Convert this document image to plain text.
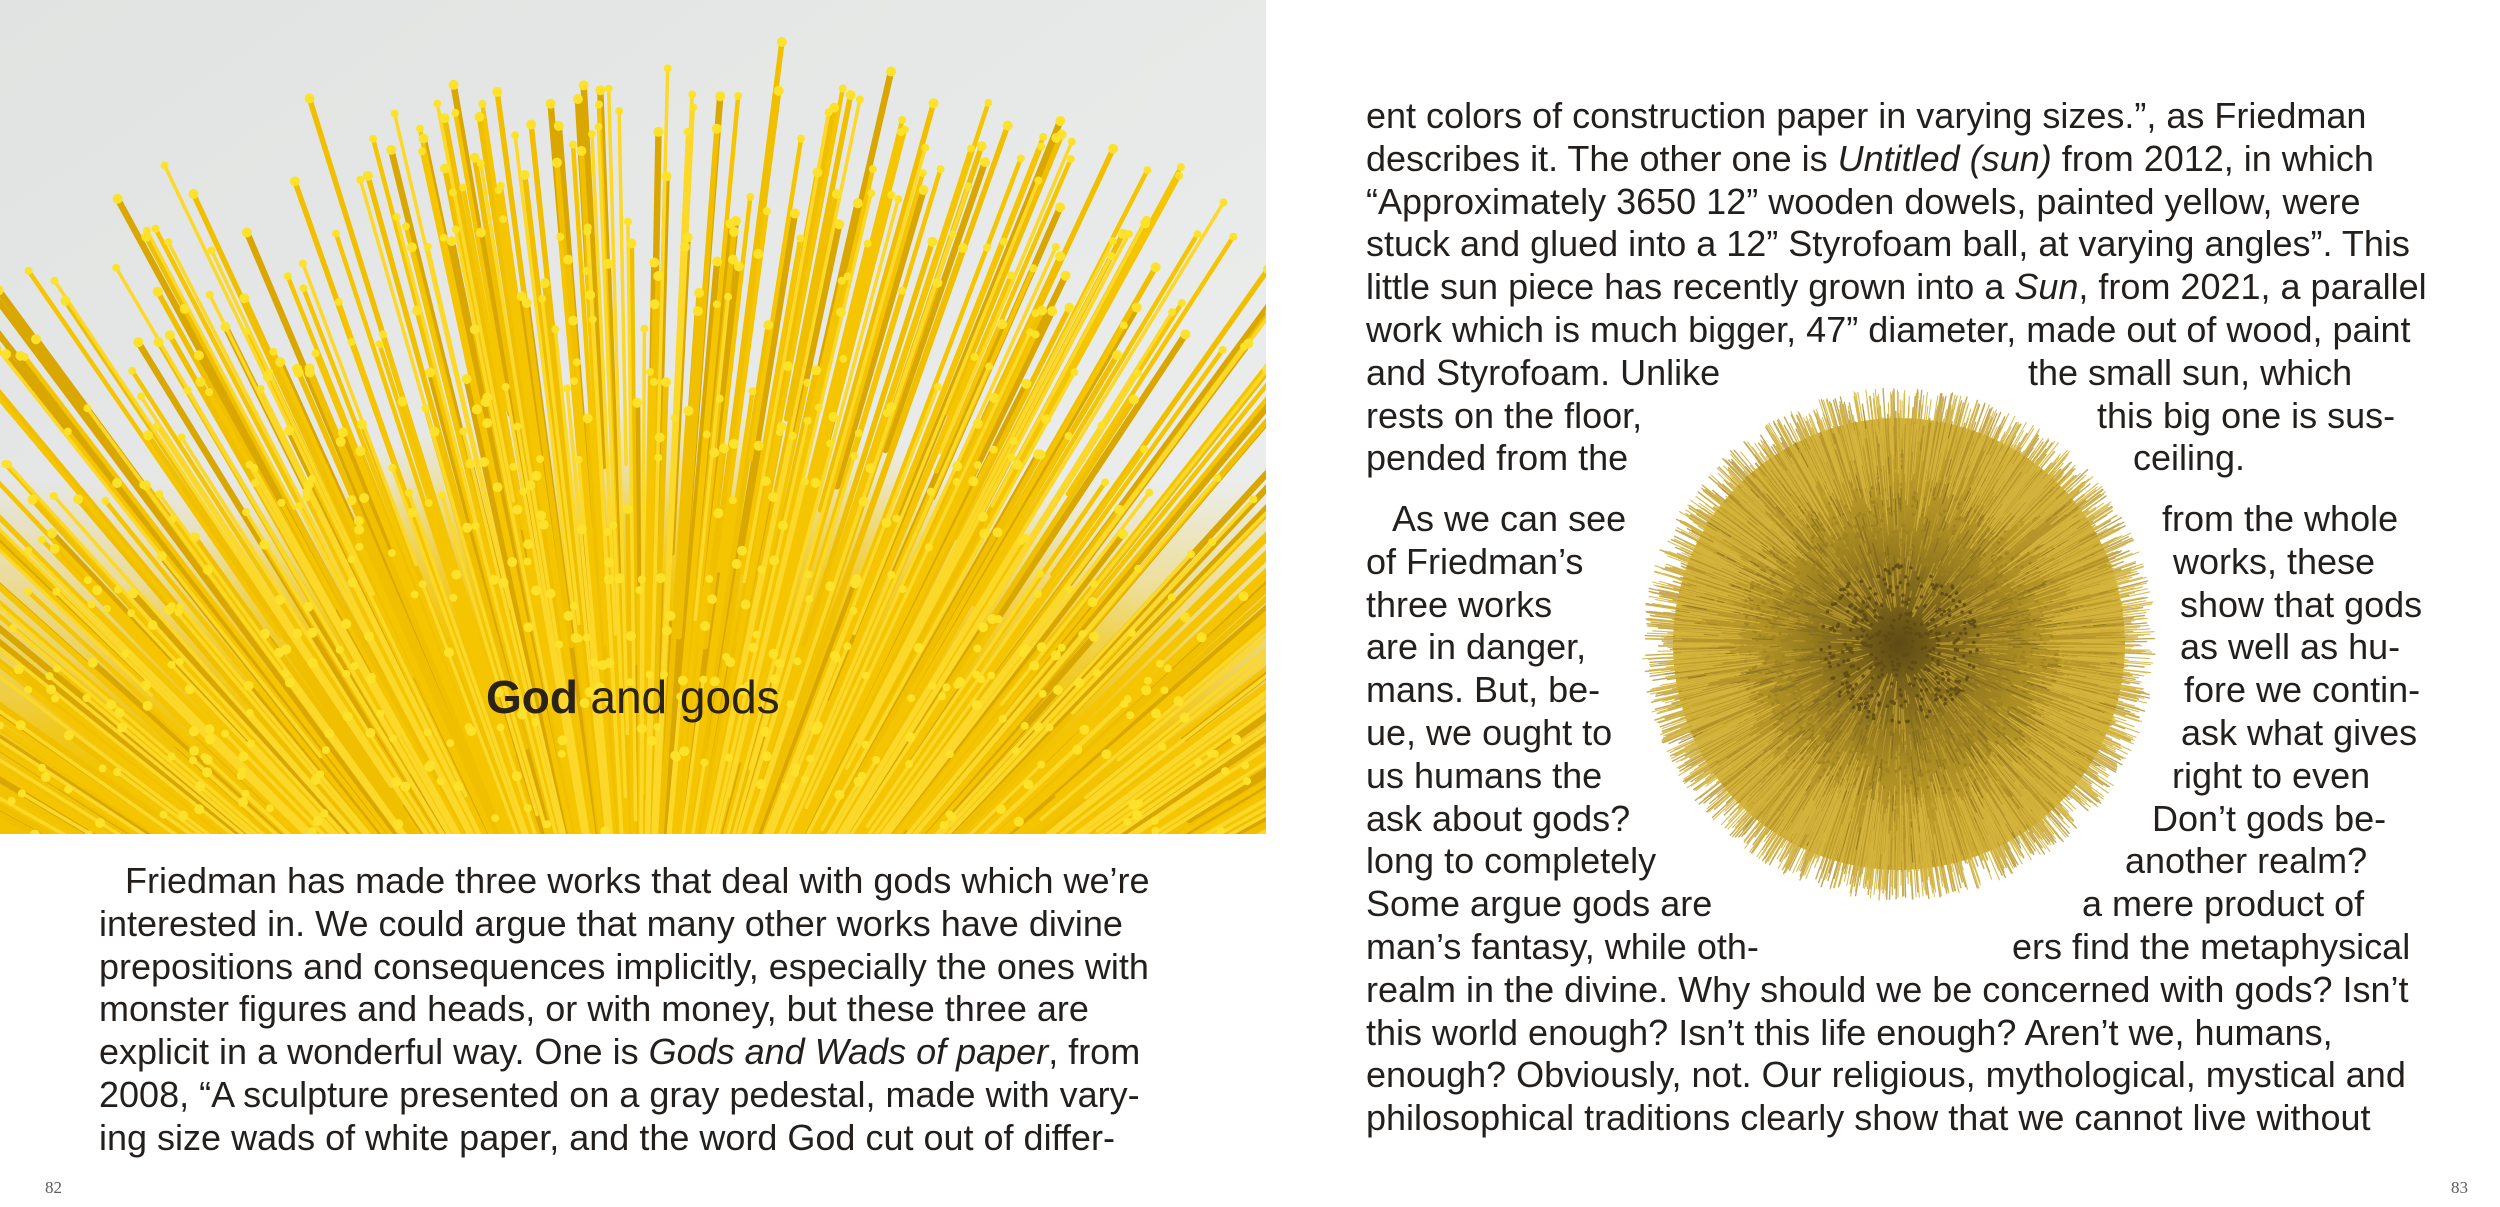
God and gods
Friedman has made three works that deal with gods which we’re
interested in. We could argue that many other works have divine
prepositions and consequences implicitly, especially the ones with
monster figures and heads, or with money, but these three are
explicit in a wonderful way. One is Gods and Wads of paper, from
2008, “A sculpture presented on a gray pedestal, made with vary-
ing size wads of white paper, and the word God cut out of differ-
82
ent colors of construction paper in varying sizes.”, as Friedman
describes it. The other one is Untitled (sun) from 2012, in which
“Approximately 3650 12” wooden dowels, painted yellow, were
stuck and glued into a 12” Styrofoam ball, at varying angles”. This
little sun piece has recently grown into a Sun, from 2021, a parallel
work which is much bigger, 47” diameter, made out of wood, paint
and Styrofoam. Unlike	the small sun, which
rests on the floor,	this big one is sus-
pended from the	ceiling.
As we can see	from the whole
of Friedman’s	works, these
three works	show that gods
are in danger,	as well as hu-
mans. But, be-	fore we contin-
ue, we ought to	ask what gives
us humans the	right to even
ask about gods?	Don’t gods be-
long to completely	another realm?
Some argue gods are	a mere product of
man’s fantasy, while oth-	ers find the metaphysical
realm in the divine. Why should we be concerned with gods? Isn’t
this world enough? Isn’t this life enough? Aren’t we, humans,
enough? Obviously, not. Our religious, mythological, mystical and
philosophical traditions clearly show that we cannot live without
83
